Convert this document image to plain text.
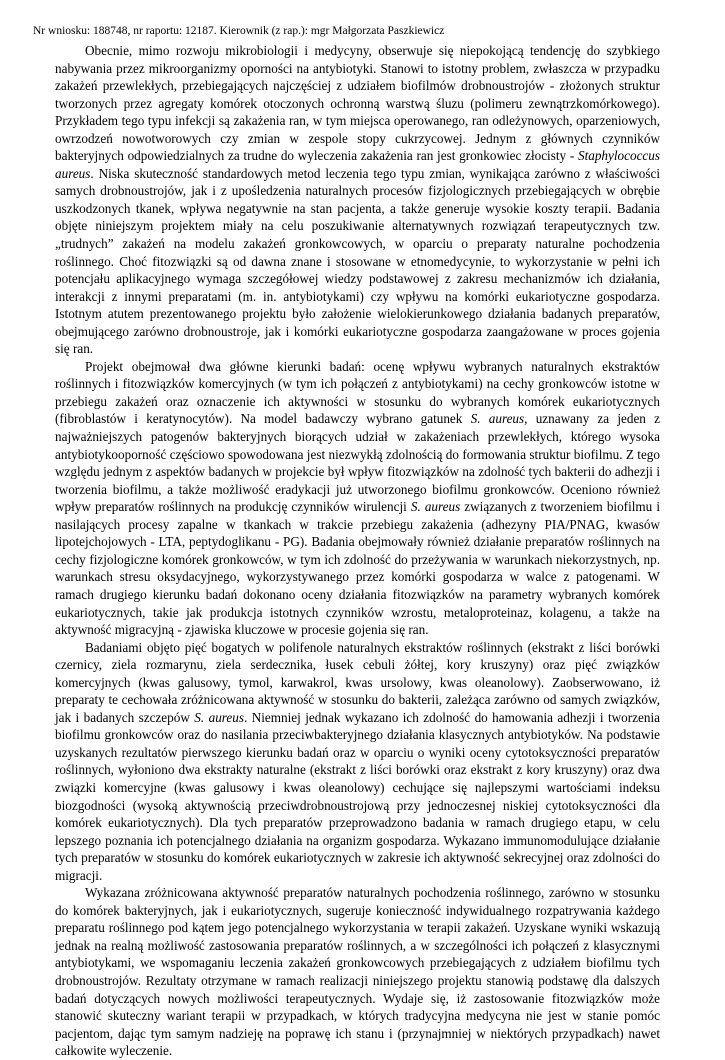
Nr wniosku: 188748, nr raportu: 12187. Kierownik (z rap.): mgr Małgorzata Paszkiewicz

Obecnie, mimo rozwoju mikrobiologii i medycyny, obserwuje się niepokojącą tendencję do szybkiego nabywania przez mikroorganizmy oporności na antybiotyki. Stanowi to istotny problem, zwłaszcza w przypadku zakażeń przewlekłych, przebiegających najczęściej z udziałem biofilmów drobnoustrojów - złożonych struktur tworzonych przez agregaty komórek otoczonych ochronną warstwą śluzu (polimeru zewnątrzkomórkowego). Przykładem tego typu infekcji są zakażenia ran, w tym miejsca operowanego, ran odleżynowych, oparzeniowych, owrzodzeń nowotworowych czy zmian w zespole stopy cukrzycowej. Jednym z głównych czynników bakteryjnych odpowiedzialnych za trudne do wyleczenia zakażenia ran jest gronkowiec złocisty - Staphylococcus aureus. Niska skuteczność standardowych metod leczenia tego typu zmian, wynikająca zarówno z właściwości samych drobnoustrojów, jak i z upośledzenia naturalnych procesów fizjologicznych przebiegających w obrębie uszkodzonych tkanek, wpływa negatywnie na stan pacjenta, a także generuje wysokie koszty terapii. Badania objęte niniejszym projektem miały na celu poszukiwanie alternatywnych rozwiązań terapeutycznych tzw. „trudnych” zakażeń na modelu zakażeń gronkowcowych, w oparciu o preparaty naturalne pochodzenia roślinnego. Choć fitozwiązki są od dawna znane i stosowane w etnomedycynie, to wykorzystanie w pełni ich potencjału aplikacyjnego wymaga szczegółowej wiedzy podstawowej z zakresu mechanizmów ich działania, interakcji z innymi preparatami (m. in. antybiotykami) czy wpływu na komórki eukariotyczne gospodarza. Istotnym atutem prezentowanego projektu było założenie wielokierunkowego działania badanych preparatów, obejmującego zarówno drobnoustroje, jak i komórki eukariotyczne gospodarza zaangażowane w proces gojenia się ran.

Projekt obejmował dwa główne kierunki badań: ocenę wpływu wybranych naturalnych ekstraktów roślinnych i fitozwiązków komercyjnych (w tym ich połączeń z antybiotykami) na cechy gronkowców istotne w przebiegu zakażeń oraz oznaczenie ich aktywności w stosunku do wybranych komórek eukariotycznych (fibroblastów i keratynocytów). Na model badawczy wybrano gatunek S. aureus, uznawany za jeden z najważniejszych patogenów bakteryjnych biorących udział w zakażeniach przewlekłych, którego wysoka antybiotykooporność częściowo spowodowana jest niezwykłą zdolnością do formowania struktur biofilmu. Z tego względu jednym z aspektów badanych w projekcie był wpływ fitozwiązków na zdolność tych bakterii do adhezji i tworzenia biofilmu, a także możliwość eradykacji już utworzonego biofilmu gronkowców. Oceniono również wpływ preparatów roślinnych na produkcję czynników wirulencji S. aureus związanych z tworzeniem biofilmu i nasilających procesy zapalne w tkankach w trakcie przebiegu zakażenia (adhezyny PIA/PNAG, kwasów lipotejchojowych - LTA, peptydoglikanu - PG). Badania obejmowały również działanie preparatów roślinnych na cechy fizjologiczne komórek gronkowców, w tym ich zdolność do przeżywania w warunkach niekorzystnych, np. warunkach stresu oksydacyjnego, wykorzystywanego przez komórki gospodarza w walce z patogenami. W ramach drugiego kierunku badań dokonano oceny działania fitozwiązków na parametry wybranych komórek eukariotycznych, takie jak produkcja istotnych czynników wzrostu, metaloproteinaz, kolagenu, a także na aktywność migracyjną - zjawiska kluczowe w procesie gojenia się ran.

Badaniami objęto pięć bogatych w polifenole naturalnych ekstraktów roślinnych (ekstrakt z liści borówki czernicy, ziela rozmarynu, ziela serdecznika, łusek cebuli żółtej, kory kruszyny) oraz pięć związków komercyjnych (kwas galusowy, tymol, karwakrol, kwas ursolowy, kwas oleanolowy). Zaobserwowano, iż preparaty te cechowała zróżnicowana aktywność w stosunku do bakterii, zależąca zarówno od samych związków, jak i badanych szczepów S. aureus. Niemniej jednak wykazano ich zdolność do hamowania adhezji i tworzenia biofilmu gronkowców oraz do nasilania przeciwbakteryjnego działania klasycznych antybiotyków. Na podstawie uzyskanych rezultatów pierwszego kierunku badań oraz w oparciu o wyniki oceny cytotoksyczności preparatów roślinnych, wyłoniono dwa ekstrakty naturalne (ekstrakt z liści borówki oraz ekstrakt z kory kruszyny) oraz dwa związki komercyjne (kwas galusowy i kwas oleanolowy) cechujące się najlepszymi wartościami indeksu biozgodności (wysoką aktywnością przeciwdrobnoustrojową przy jednoczesnej niskiej cytotoksyczności dla komórek eukariotycznych). Dla tych preparatów przeprowadzono badania w ramach drugiego etapu, w celu lepszego poznania ich potencjalnego działania na organizm gospodarza. Wykazano immunomodulujące działanie tych preparatów w stosunku do komórek eukariotycznych w zakresie ich aktywność sekrecyjnej oraz zdolności do migracji.

Wykazana zróżnicowana aktywność preparatów naturalnych pochodzenia roślinnego, zarówno w stosunku do komórek bakteryjnych, jak i eukariotycznych, sugeruje konieczność indywidualnego rozpatrywania każdego preparatu roślinnego pod kątem jego potencjalnego wykorzystania w terapii zakażeń. Uzyskane wyniki wskazują jednak na realną możliwość zastosowania preparatów roślinnych, a w szczególności ich połączeń z klasycznymi antybiotykami, we wspomaganiu leczenia zakażeń gronkowcowych przebiegających z udziałem biofilmu tych drobnoustrojów. Rezultaty otrzymane w ramach realizacji niniejszego projektu stanowią podstawę dla dalszych badań dotyczących nowych możliwości terapeutycznych. Wydaje się, iż zastosowanie fitozwiązków może stanowić skuteczny wariant terapii w przypadkach, w których tradycyjna medycyna nie jest w stanie pomóc pacjentom, dając tym samym nadzieję na poprawę ich stanu i (przynajmniej w niektórych przypadkach) nawet całkowite wyleczenie.
